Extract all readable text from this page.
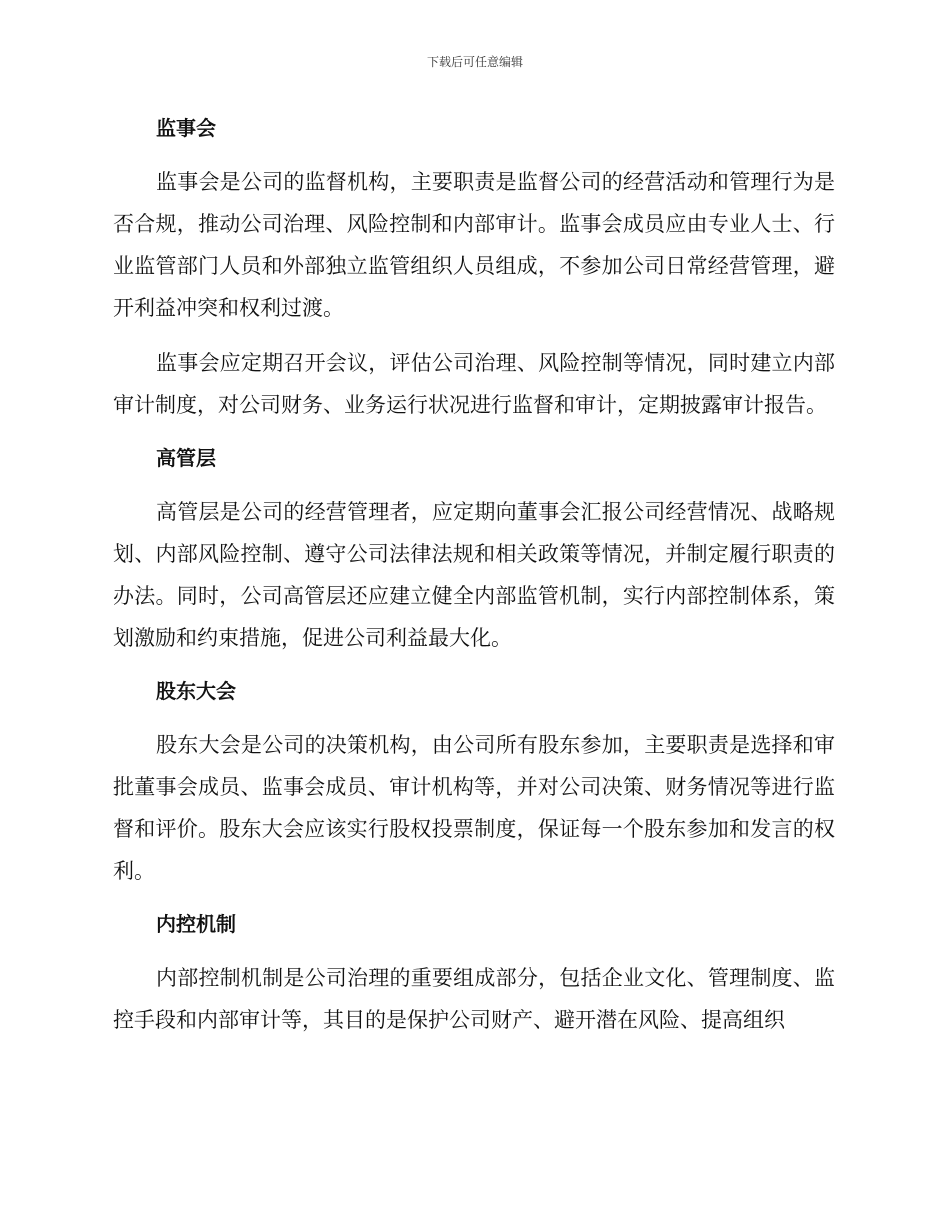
下载后可任意编辑
监事会

监事会是公司的监督机构，主要职责是监督公司的经营活动和管理行为是否合规，推动公司治理、风险控制和内部审计。监事会成员应由专业人士、行业监管部门人员和外部独立监管组织人员组成，不参加公司日常经营管理，避开利益冲突和权利过渡。

监事会应定期召开会议，评估公司治理、风险控制等情况，同时建立内部审计制度，对公司财务、业务运行状况进行监督和审计，定期披露审计报告。

高管层

高管层是公司的经营管理者，应定期向董事会汇报公司经营情况、战略规划、内部风险控制、遵守公司法律法规和相关政策等情况，并制定履行职责的办法。同时，公司高管层还应建立健全内部监管机制，实行内部控制体系，策划激励和约束措施，促进公司利益最大化。

股东大会

股东大会是公司的决策机构，由公司所有股东参加，主要职责是选择和审批董事会成员、监事会成员、审计机构等，并对公司决策、财务情况等进行监督和评价。股东大会应该实行股权投票制度，保证每一个股东参加和发言的权利。

内控机制

内部控制机制是公司治理的重要组成部分，包括企业文化、管理制度、监控手段和内部审计等，其目的是保护公司财产、避开潜在风险、提高组织
